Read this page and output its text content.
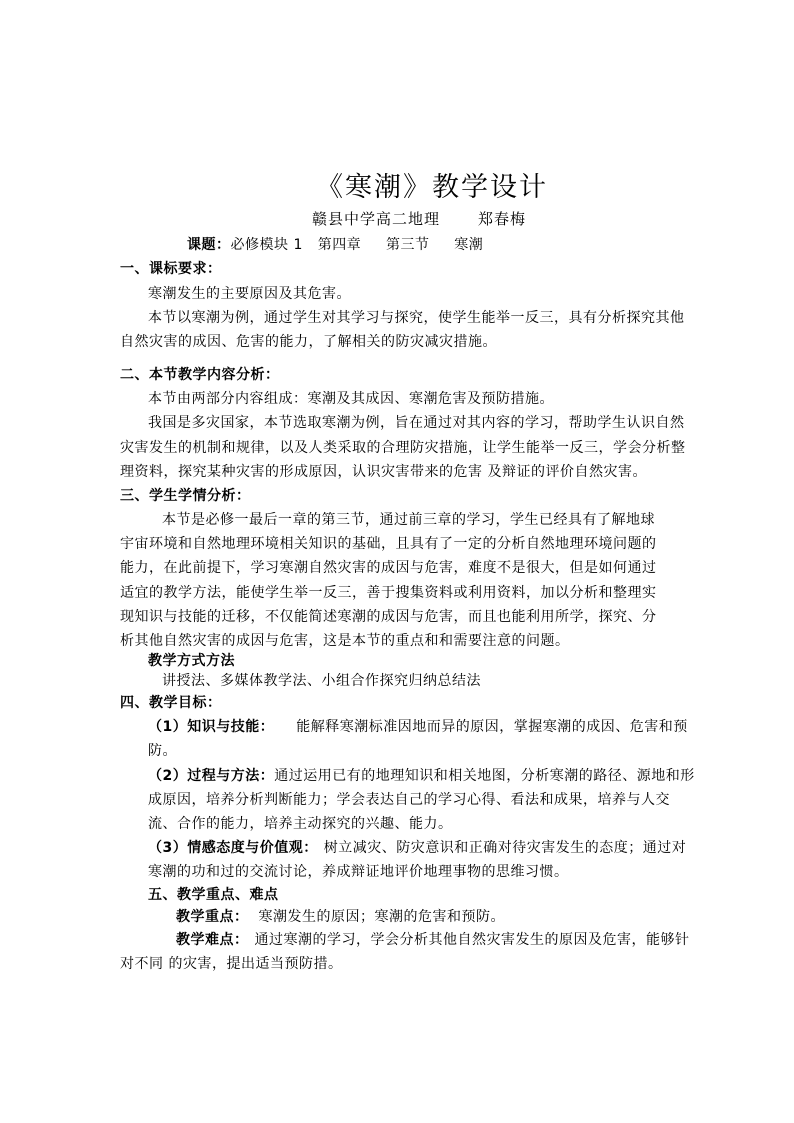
《寒潮》教学设计
赣县中学高二地理	郑春梅
课题：必修模块 1   第四章     第三节     寒潮
一、课标要求：
寒潮发生的主要原因及其危害。
本节以寒潮为例，通过学生对其学习与探究，使学生能举一反三，具有分析探究其他
自然灾害的成因、危害的能力，了解相关的防灾减灾措施。
二、本节教学内容分析：
本节由两部分内容组成：寒潮及其成因、寒潮危害及预防措施。
我国是多灾国家，本节选取寒潮为例，旨在通过对其内容的学习，帮助学生认识自然
灾害发生的机制和规律，以及人类采取的合理防灾措施，让学生能举一反三，学会分析整
理资料，探究某种灾害的形成原因，认识灾害带来的危害 及辩证的评价自然灾害。
三、学生学情分析：
本节是必修一最后一章的第三节，通过前三章的学习，学生已经具有了解地球
宇宙环境和自然地理环境相关知识的基础，且具有了一定的分析自然地理环境问题的
能力，在此前提下，学习寒潮自然灾害的成因与危害，难度不是很大，但是如何通过
适宜的教学方法，能使学生举一反三，善于搜集资料或利用资料，加以分析和整理实
现知识与技能的迁移，不仅能简述寒潮的成因与危害，而且也能利用所学，探究、分
析其他自然灾害的成因与危害，这是本节的重点和和需要注意的问题。
教学方式方法
讲授法、多媒体教学法、小组合作探究归纳总结法
四、教学目标：
（1）知识与技能： 能解释寒潮标准因地而异的原因，掌握寒潮的成因、危害和预
防。
（2）过程与方法：通过运用已有的地理知识和相关地图，分析寒潮的路径、源地和形
成原因，培养分析判断能力；学会表达自己的学习心得、看法和成果，培养与人交
流、合作的能力，培养主动探究的兴趣、能力。
（3）情感态度与价值观： 树立减灾、防灾意识和正确对待灾害发生的态度；通过对
寒潮的功和过的交流讨论，养成辩证地评价地理事物的思维习惯。
五、教学重点、难点
教学重点： 寒潮发生的原因；寒潮的危害和预防。
教学难点： 通过寒潮的学习，学会分析其他自然灾害发生的原因及危害，能够针
对不同 的灾害，提出适当预防措。
